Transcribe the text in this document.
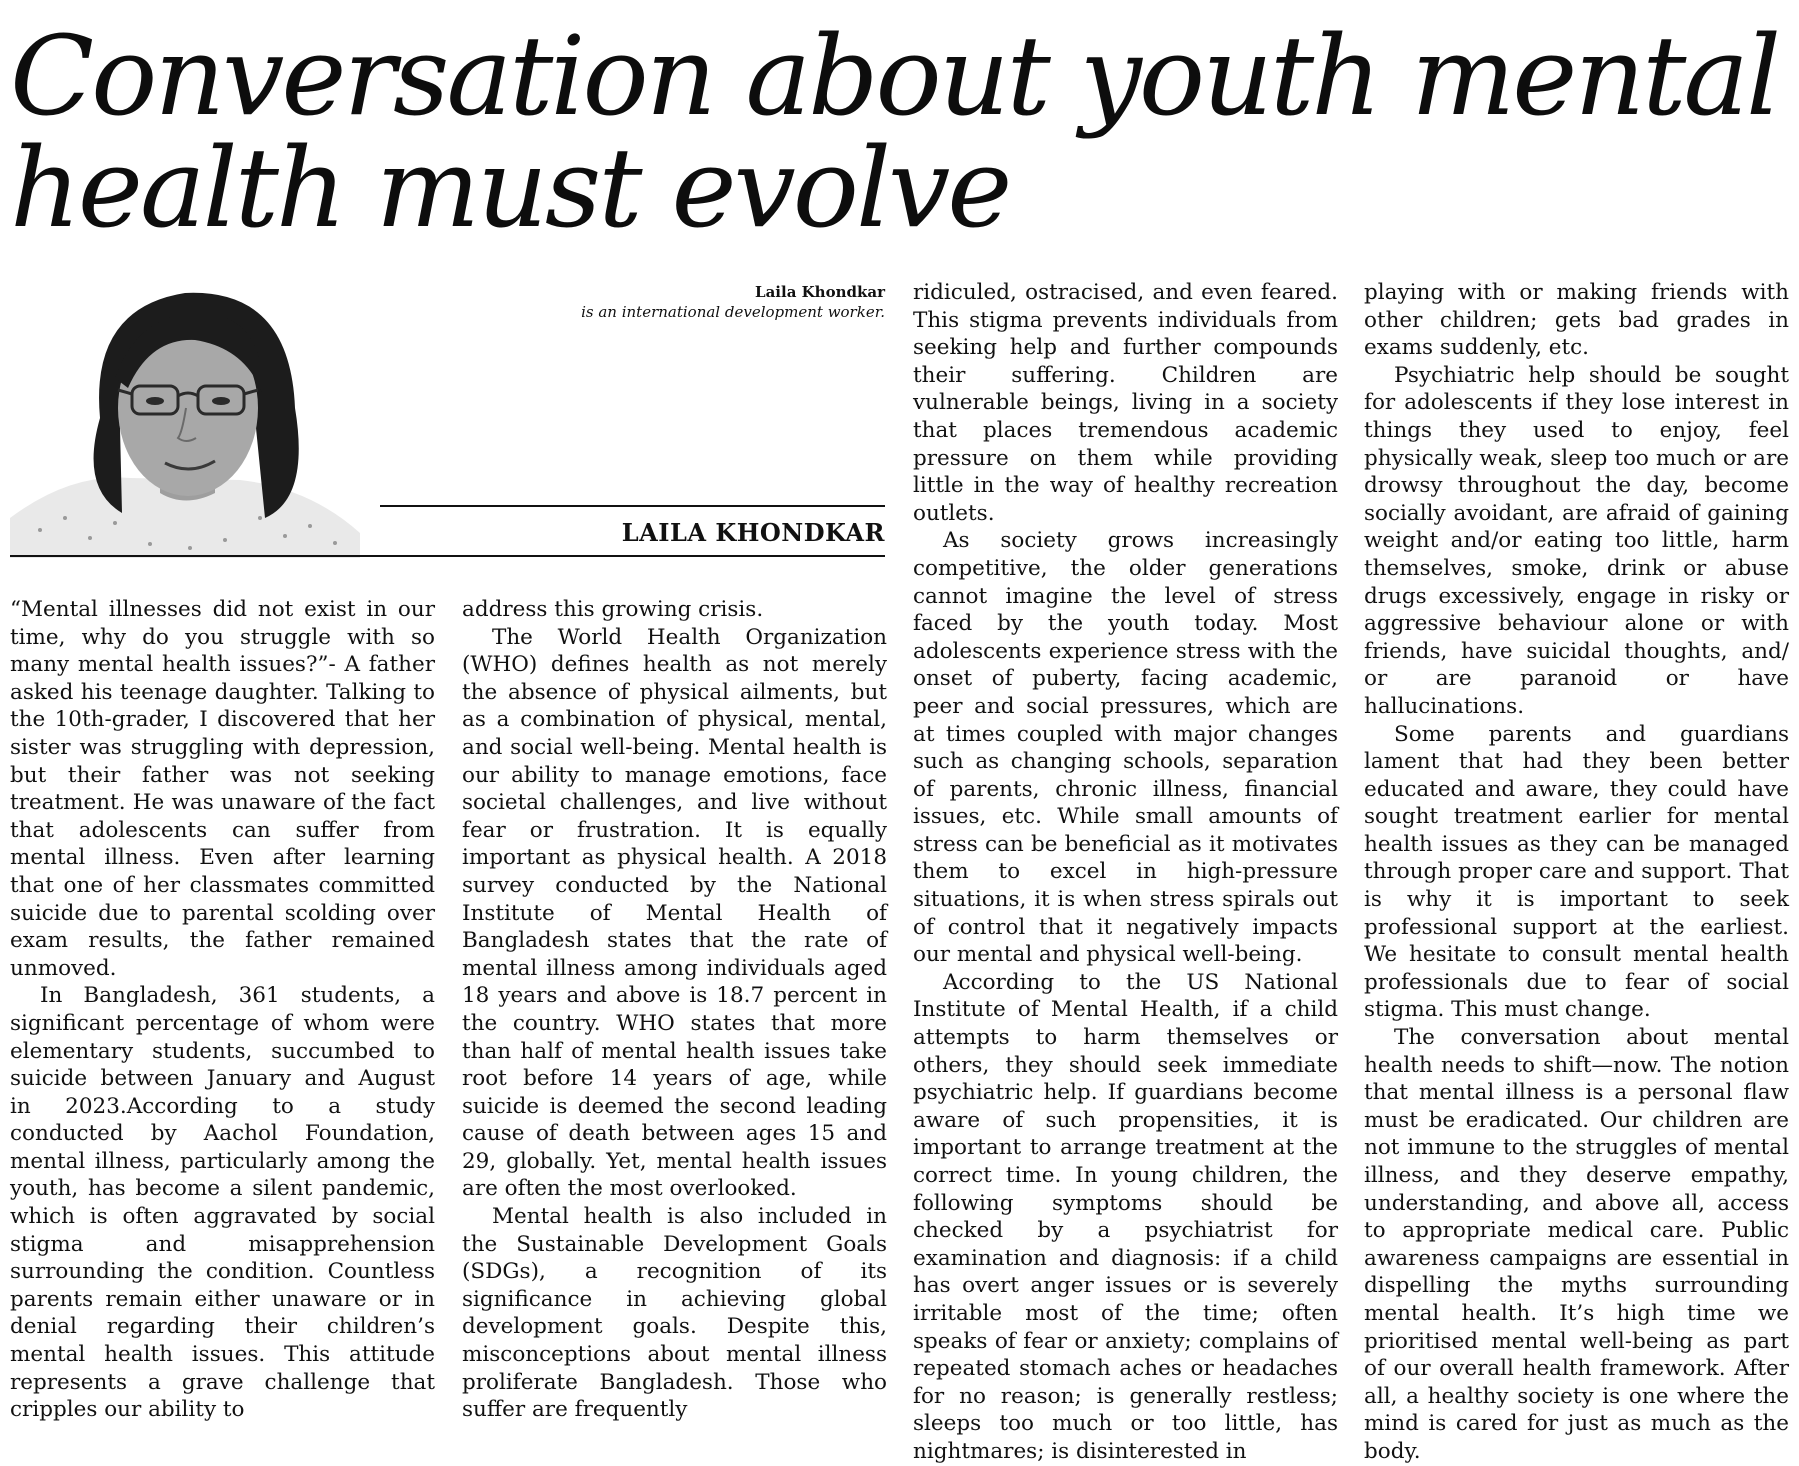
Conversation about youth mental health must evolve
Laila Khondkar
is an international development worker.
LAILA KHONDKAR

“Mental illnesses did not exist in our time, why do you struggle with so many mental health issues?”- A father asked his teenage daughter. Talking to the 10th-grader, I discovered that her sister was struggling with depression, but their father was not seeking treatment. He was unaware of the fact that adolescents can suffer from mental illness. Even after learning that one of her classmates committed suicide due to parental scolding over exam results, the father remained unmoved.

In Bangladesh, 361 students, a significant percentage of whom were elementary students, succumbed to suicide between January and August in 2023.According to a study conducted by Aachol Foundation, mental illness, particularly among the youth, has become a silent pandemic, which is often aggravated by social stigma and misapprehension surrounding the condition. Countless parents remain either unaware or in denial regarding their children’s mental health issues. This attitude represents a grave challenge that cripples our ability to

address this growing crisis.

The World Health Organization (WHO) defines health as not merely the absence of physical ailments, but as a combination of physical, mental, and social well-being. Mental health is our ability to manage emotions, face societal challenges, and live without fear or frustration. It is equally important as physical health. A 2018 survey conducted by the National Institute of Mental Health of Bangladesh states that the rate of mental illness among individuals aged 18 years and above is 18.7 percent in the country. WHO states that more than half of mental health issues take root before 14 years of age, while suicide is deemed the second leading cause of death between ages 15 and 29, globally. Yet, mental health issues are often the most overlooked.

Mental health is also included in the Sustainable Development Goals (SDGs), a recognition of its significance in achieving global development goals. Despite this, misconceptions about mental illness proliferate Bangladesh. Those who suffer are frequently

ridiculed, ostracised, and even feared. This stigma prevents individuals from seeking help and further compounds their suffering. Children are vulnerable beings, living in a society that places tremendous academic pressure on them while providing little in the way of healthy recreation outlets.

As society grows increasingly competitive, the older generations cannot imagine the level of stress faced by the youth today. Most adolescents experience stress with the onset of puberty, facing academic, peer and social pressures, which are at times coupled with major changes such as changing schools, separation of parents, chronic illness, financial issues, etc. While small amounts of stress can be beneficial as it motivates them to excel in high-pressure situations, it is when stress spirals out of control that it negatively impacts our mental and physical well-being.

According to the US National Institute of Mental Health, if a child attempts to harm themselves or others, they should seek immediate psychiatric help. If guardians become aware of such propensities, it is important to arrange treatment at the correct time. In young children, the following symptoms should be checked by a psychiatrist for examination and diagnosis: if a child has overt anger issues or is severely irritable most of the time; often speaks of fear or anxiety; complains of repeated stomach aches or headaches for no reason; is generally restless; sleeps too much or too little, has nightmares; is disinterested in

playing with or making friends with other children; gets bad grades in exams suddenly, etc.

Psychiatric help should be sought for adolescents if they lose interest in things they used to enjoy, feel physically weak, sleep too much or are drowsy throughout the day, become socially avoidant, are afraid of gaining weight and/or eating too little, harm themselves, smoke, drink or abuse drugs excessively, engage in risky or aggressive behaviour alone or with friends, have suicidal thoughts, and/ or are paranoid or have hallucinations.

Some parents and guardians lament that had they been better educated and aware, they could have sought treatment earlier for mental health issues as they can be managed through proper care and support. That is why it is important to seek professional support at the earliest. We hesitate to consult mental health professionals due to fear of social stigma. This must change.

The conversation about mental health needs to shift—now. The notion that mental illness is a personal flaw must be eradicated. Our children are not immune to the struggles of mental illness, and they deserve empathy, understanding, and above all, access to appropriate medical care. Public awareness campaigns are essential in dispelling the myths surrounding mental health. It’s high time we prioritised mental well-being as part of our overall health framework. After all, a healthy society is one where the mind is cared for just as much as the body.
